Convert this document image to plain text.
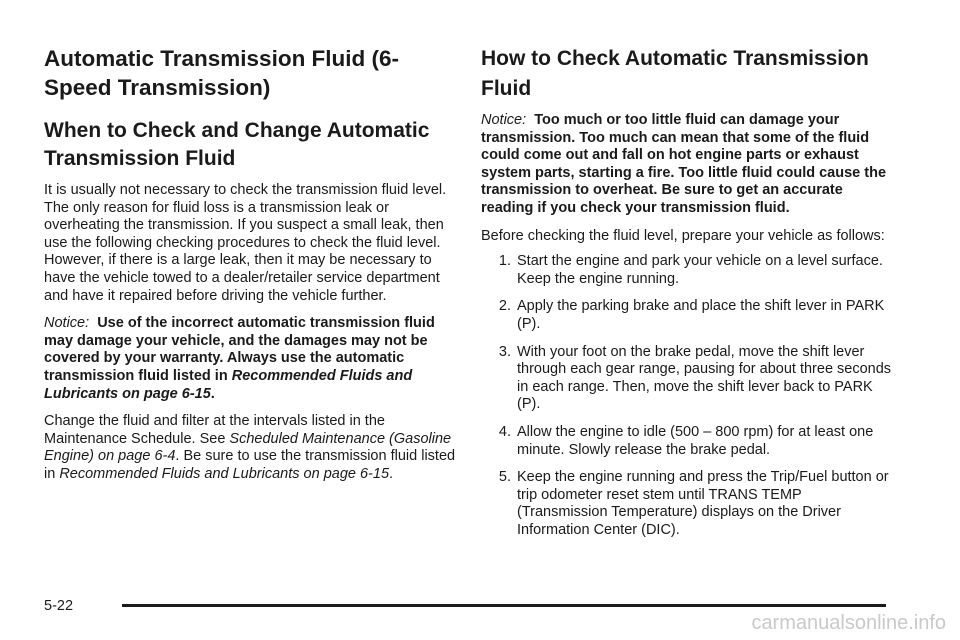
Automatic Transmission Fluid (6-Speed Transmission)
When to Check and Change Automatic Transmission Fluid

It is usually not necessary to check the transmission fluid level. The only reason for fluid loss is a transmission leak or overheating the transmission. If you suspect a small leak, then use the following checking procedures to check the fluid level. However, if there is a large leak, then it may be necessary to have the vehicle towed to a dealer/retailer service department and have it repaired before driving the vehicle further.

Notice: Use of the incorrect automatic transmission fluid may damage your vehicle, and the damages may not be covered by your warranty. Always use the automatic transmission fluid listed in Recommended Fluids and Lubricants on page 6-15.

Change the fluid and filter at the intervals listed in the Maintenance Schedule. See Scheduled Maintenance (Gasoline Engine) on page 6-4. Be sure to use the transmission fluid listed in Recommended Fluids and Lubricants on page 6-15.

How to Check Automatic Transmission Fluid

Notice: Too much or too little fluid can damage your transmission. Too much can mean that some of the fluid could come out and fall on hot engine parts or exhaust system parts, starting a fire. Too little fluid could cause the transmission to overheat. Be sure to get an accurate reading if you check your transmission fluid.

Before checking the fluid level, prepare your vehicle as follows:

1. Start the engine and park your vehicle on a level surface. Keep the engine running.
2. Apply the parking brake and place the shift lever in PARK (P).
3. With your foot on the brake pedal, move the shift lever through each gear range, pausing for about three seconds in each range. Then, move the shift lever back to PARK (P).
4. Allow the engine to idle (500 – 800 rpm) for at least one minute. Slowly release the brake pedal.
5. Keep the engine running and press the Trip/Fuel button or trip odometer reset stem until TRANS TEMP (Transmission Temperature) displays on the Driver Information Center (DIC).
5-22
carmanualsonline.info
